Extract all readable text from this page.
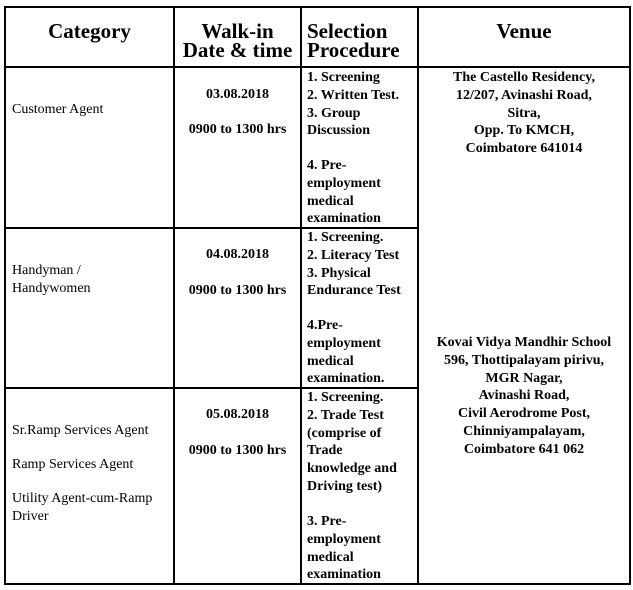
Category	Walk-in
Date & time
Selection
Procedure
Venue
Customer Agent
03.08.2018
0900 to 1300 hrs
1. Screening
2. Written Test.
3. Group
Discussion
4. Pre-
employment
medical
examination
The Castello Residency,
12/207, Avinashi Road,
Sitra,
Opp. To KMCH,
Coimbatore 641014
Handyman /
Handywomen
04.08.2018
0900 to 1300 hrs
1. Screening.
2. Literacy Test
3. Physical
Endurance Test
4.Pre-
employment
medical
examination.
Kovai Vidya Mandhir School
596, Thottipalayam pirivu,
MGR Nagar,
Avinashi Road,
Civil Aerodrome Post,
Chinniyampalayam,
Coimbatore 641 062
Sr.Ramp Services Agent
Ramp Services Agent
Utility Agent-cum-Ramp
Driver
05.08.2018
0900 to 1300 hrs
1. Screening.
2. Trade Test
(comprise of
Trade
knowledge and
Driving test)
3. Pre-
employment
medical
examination
